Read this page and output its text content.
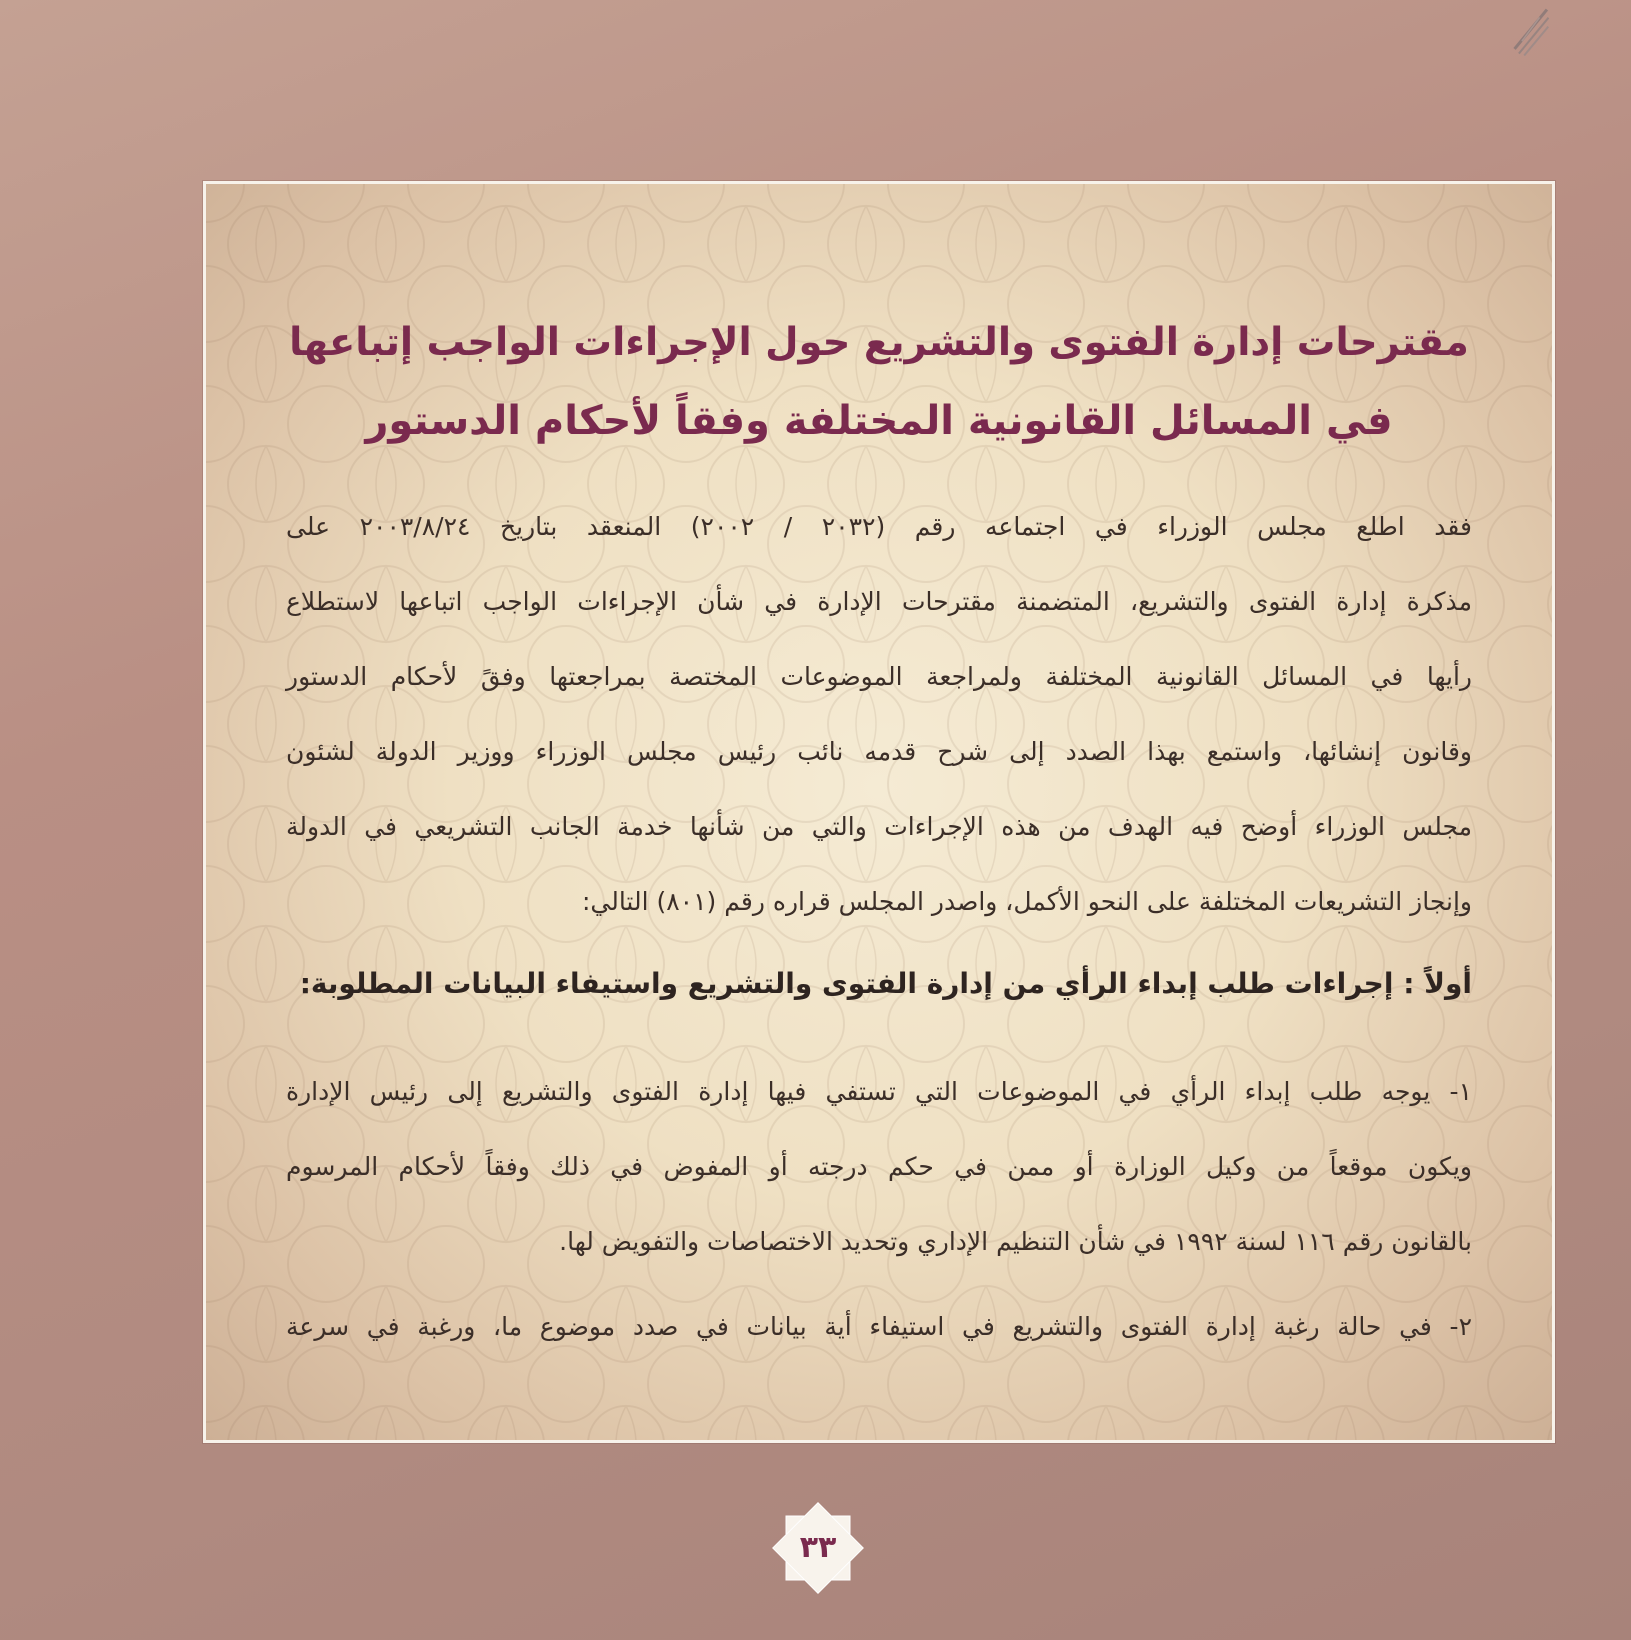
مقترحات إدارة الفتوى والتشريع حول الإجراءات الواجب إتباعها
في المسائل القانونية المختلفة وفقاً لأحكام الدستور
فقد اطلع مجلس الوزراء في اجتماعه رقم (٢٠٣٢ / ٢٠٠٢) المنعقد بتاريخ ٢٠٠٣/٨/٢٤ على
مذكرة إدارة الفتوى والتشريع، المتضمنة مقترحات الإدارة في شأن الإجراءات الواجب اتباعها لاستطلاع
رأيها في المسائل القانونية المختلفة ولمراجعة الموضوعات المختصة بمراجعتها وفقً لأحكام الدستور
وقانون إنشائها، واستمع بهذا الصدد إلى شرح قدمه نائب رئيس مجلس الوزراء ووزير الدولة لشئون
مجلس الوزراء أوضح فيه الهدف من هذه الإجراءات والتي من شأنها خدمة الجانب التشريعي في الدولة
وإنجاز التشريعات المختلفة على النحو الأكمل، واصدر المجلس قراره رقم (٨٠١) التالي:
أولاً : إجراءات طلب إبداء الرأي من إدارة الفتوى والتشريع واستيفاء البيانات المطلوبة:
١- يوجه طلب إبداء الرأي في الموضوعات التي تستفي فيها إدارة الفتوى والتشريع إلى رئيس الإدارة
ويكون موقعاً من وكيل الوزارة أو ممن في حكم درجته أو المفوض في ذلك وفقاً لأحكام المرسوم
بالقانون رقم ١١٦ لسنة ١٩٩٢ في شأن التنظيم الإداري وتحديد الاختصاصات والتفويض لها.
٢- في حالة رغبة إدارة الفتوى والتشريع في استيفاء أية بيانات في صدد موضوع ما، ورغبة في سرعة
٣٣
